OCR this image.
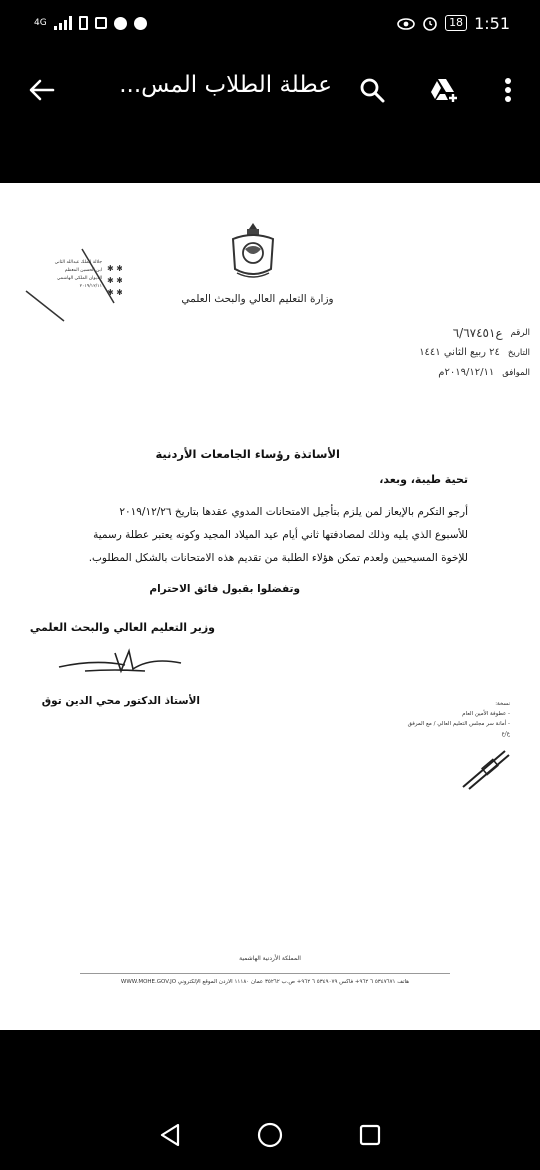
4G	18 1:51
عطلة الطلاب المس...
وزارة التعليم العالي والبحث العلمي
✱ ✱
✱ ✱
✱ ✱
جلالة الملك عبدالله الثاني
ابن الحسين المعظم
الديوان الملكي الهاشمي
٢٠١٩/١٢/١١
الرقم
ع٦/٦٧٤٥١
التاريخ
٢٤ ربيع الثاني ١٤٤١
الموافق
٢٠١٩/١٢/١١م
الأساتذة رؤساء الجامعات الأردنية
تحية طيبة، وبعد،
أرجو التكرم بالإيعاز لمن يلزم بتأجيل الامتحانات المدوي عقدها بتاريخ ٢٠١٩/١٢/٢٦
للأسبوع الذي يليه وذلك لمصادفتها ثاني أيام عيد الميلاد المجيد وكونه يعتبر عطلة رسمية
للإخوة المسيحيين ولعدم تمكن هؤلاء الطلبة من تقديم هذه الامتحانات بالشكل المطلوب.
وتفضلوا بقبول فائق الاحترام
وزير التعليم العالي والبحث العلمي
الأستاذ الدكتور محي الدين توق	نسخة:
- عطوفة الأمين العام
- أمانة سر مجلس التعليم العالي / مع المرفق
ع/ع
المملكة الأردنية الهاشمية
هاتف ٥٣٤٧٦٧١ ٦ ٩٦٢+ فاكس ٥٣٤٩٠٧٩ ٦ ٩٦٢+ ص.ب ٣٥٢٦٢ عمان ١١١٨٠ الأردن الموقع الإلكتروني WWW.MOHE.GOV.JO
